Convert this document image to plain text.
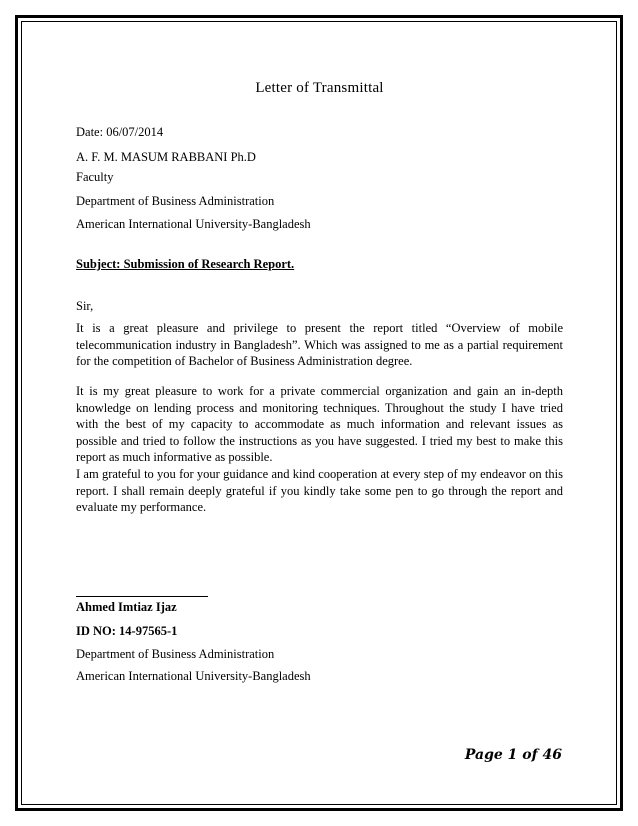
Letter of Transmittal
Date: 06/07/2014
A. F. M. MASUM RABBANI Ph.D
Faculty
Department of Business Administration
American International University-Bangladesh
Subject: Submission of Research Report.
Sir,
It is a great pleasure and privilege to present the report titled “Overview of mobile telecommunication industry in Bangladesh”. Which was assigned to me as a partial requirement for the competition of Bachelor of Business Administration degree.
It is my great pleasure to work for a private commercial organization and gain an in-depth knowledge on lending process and monitoring techniques. Throughout the study I have tried with the best of my capacity to accommodate as much information and relevant issues as possible and tried to follow the instructions as you have suggested. I tried my best to make this report as much informative as possible.
I am grateful to you for your guidance and kind cooperation at every step of my endeavor on this report. I shall remain deeply grateful if you kindly take some pen to go through the report and evaluate my performance.
Ahmed Imtiaz Ijaz
ID NO: 14-97565-1
Department of Business Administration
American International University-Bangladesh
Page 1 of 46
